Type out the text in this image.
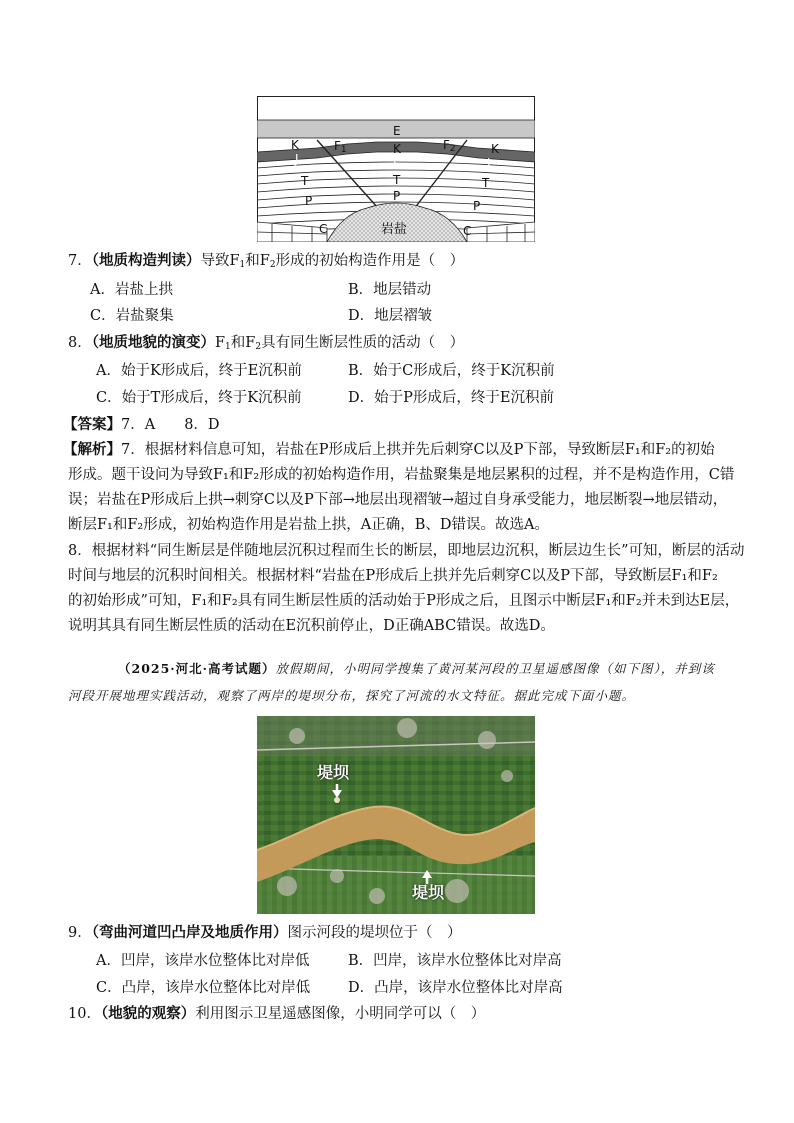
E
K
J
$F_1$	K
J
$F_2$	K
J
T	T	T
P	P
P
C	C
岩盐
7．（地质构造判读）导致$F_1$和$F_2$形成的初始构造作用是（　）
A．岩盐上拱	B．地层错动
C．岩盐聚集	D．地层褶皱
8．（地质地貌的演变）$F_1$和$F_2$具有同生断层性质的活动（　）
A．始于K形成后，终于E沉积前	B．始于C形成后，终于K沉积前
C．始于T形成后，终于K沉积前	D．始于P形成后，终于E沉积前
【答案】7．A　　8．D
【解析】7．根据材料信息可知，岩盐在P形成后上拱并先后刺穿C以及P下部，导致断层F₁和F₂的初始
形成。题干设问为导致F₁和F₂形成的初始构造作用，岩盐聚集是地层累积的过程，并不是构造作用，C错
误；岩盐在P形成后上拱→刺穿C以及P下部→地层出现褶皱→超过自身承受能力，地层断裂→地层错动，
断层F₁和F₂形成，初始构造作用是岩盐上拱，A正确，B、D错误。故选A。
8．根据材料“同生断层是伴随地层沉积过程而生长的断层，即地层边沉积，断层边生长”可知，断层的活动
时间与地层的沉积时间相关。根据材料“岩盐在P形成后上拱并先后刺穿C以及P下部，导致断层F₁和F₂
的初始形成”可知，F₁和F₂具有同生断层性质的活动始于P形成之后，且图示中断层F₁和F₂并未到达E层，
说明其具有同生断层性质的活动在E沉积前停止，D正确ABC错误。故选D。
（2025·河北·高考试题）放假期间，小明同学搜集了黄河某河段的卫星遥感图像（如下图），并到该
河段开展地理实践活动，观察了两岸的堤坝分布，探究了河流的水文特征。据此完成下面小题。
堤坝
堤坝
9．（弯曲河道凹凸岸及地质作用）图示河段的堤坝位于（　）
A．凹岸，该岸水位整体比对岸低	B．凹岸，该岸水位整体比对岸高
C．凸岸，该岸水位整体比对岸低	D．凸岸，该岸水位整体比对岸高
10．（地貌的观察）利用图示卫星遥感图像，小明同学可以（　）
